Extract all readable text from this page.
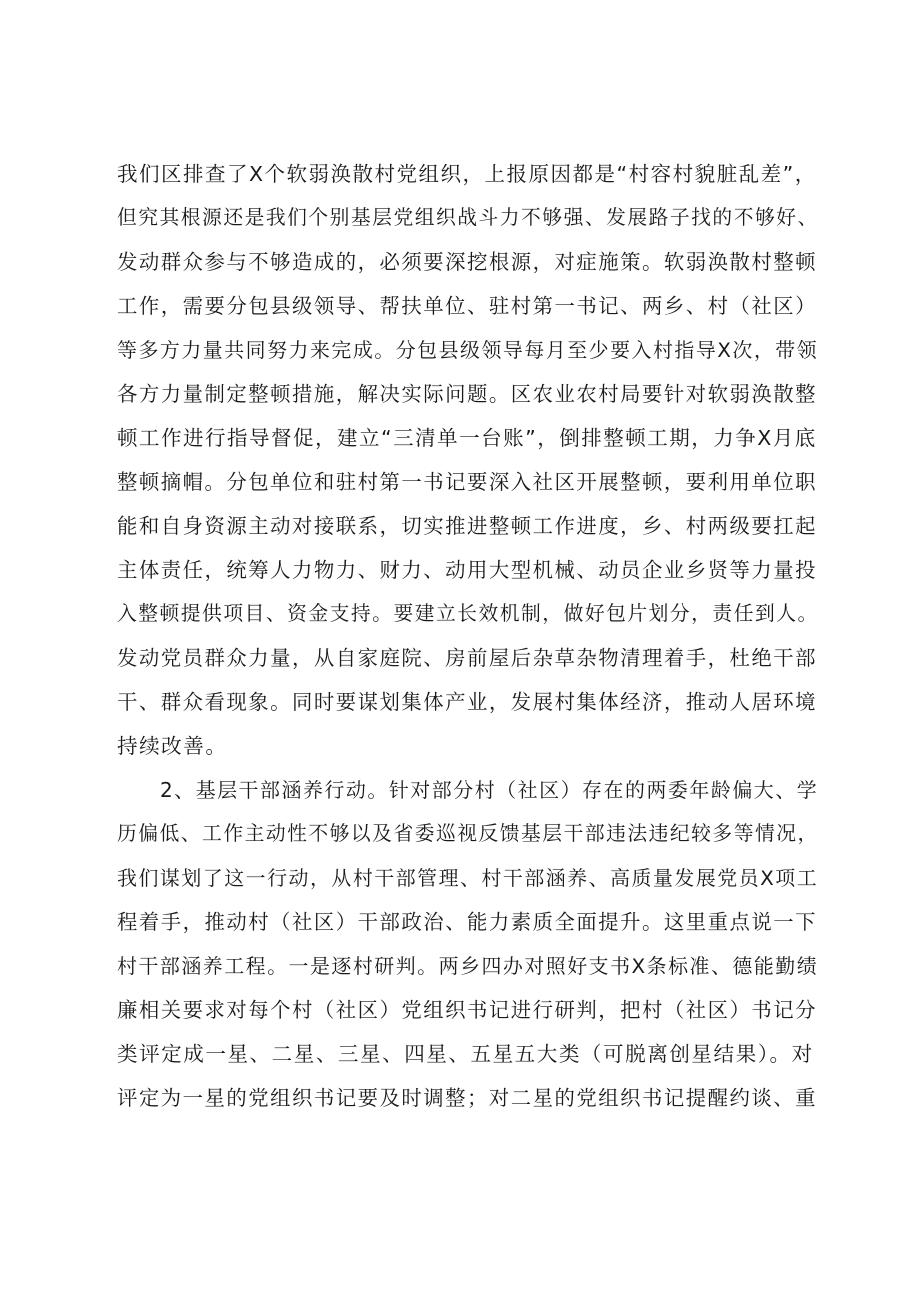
我们区排查了X个软弱涣散村党组织，上报原因都是“村容村貌脏乱差”，
但究其根源还是我们个别基层党组织战斗力不够强、发展路子找的不够好、
发动群众参与不够造成的，必须要深挖根源，对症施策。软弱涣散村整顿
工作，需要分包县级领导、帮扶单位、驻村第一书记、两乡、村（社区）
等多方力量共同努力来完成。分包县级领导每月至少要入村指导X次，带领
各方力量制定整顿措施，解决实际问题。区农业农村局要针对软弱涣散整
顿工作进行指导督促，建立“三清单一台账”，倒排整顿工期，力争X月底
整顿摘帽。分包单位和驻村第一书记要深入社区开展整顿，要利用单位职
能和自身资源主动对接联系，切实推进整顿工作进度，乡、村两级要扛起
主体责任，统筹人力物力、财力、动用大型机械、动员企业乡贤等力量投
入整顿提供项目、资金支持。要建立长效机制，做好包片划分，责任到人。
发动党员群众力量，从自家庭院、房前屋后杂草杂物清理着手，杜绝干部
干、群众看现象。同时要谋划集体产业，发展村集体经济，推动人居环境
持续改善。
　　2、基层干部涵养行动。针对部分村（社区）存在的两委年龄偏大、学
历偏低、工作主动性不够以及省委巡视反馈基层干部违法违纪较多等情况，
我们谋划了这一行动，从村干部管理、村干部涵养、高质量发展党员X项工
程着手，推动村（社区）干部政治、能力素质全面提升。这里重点说一下
村干部涵养工程。一是逐村研判。两乡四办对照好支书X条标准、德能勤绩
廉相关要求对每个村（社区）党组织书记进行研判，把村（社区）书记分
类评定成一星、二星、三星、四星、五星五大类（可脱离创星结果）。对
评定为一星的党组织书记要及时调整；对二星的党组织书记提醒约谈、重
